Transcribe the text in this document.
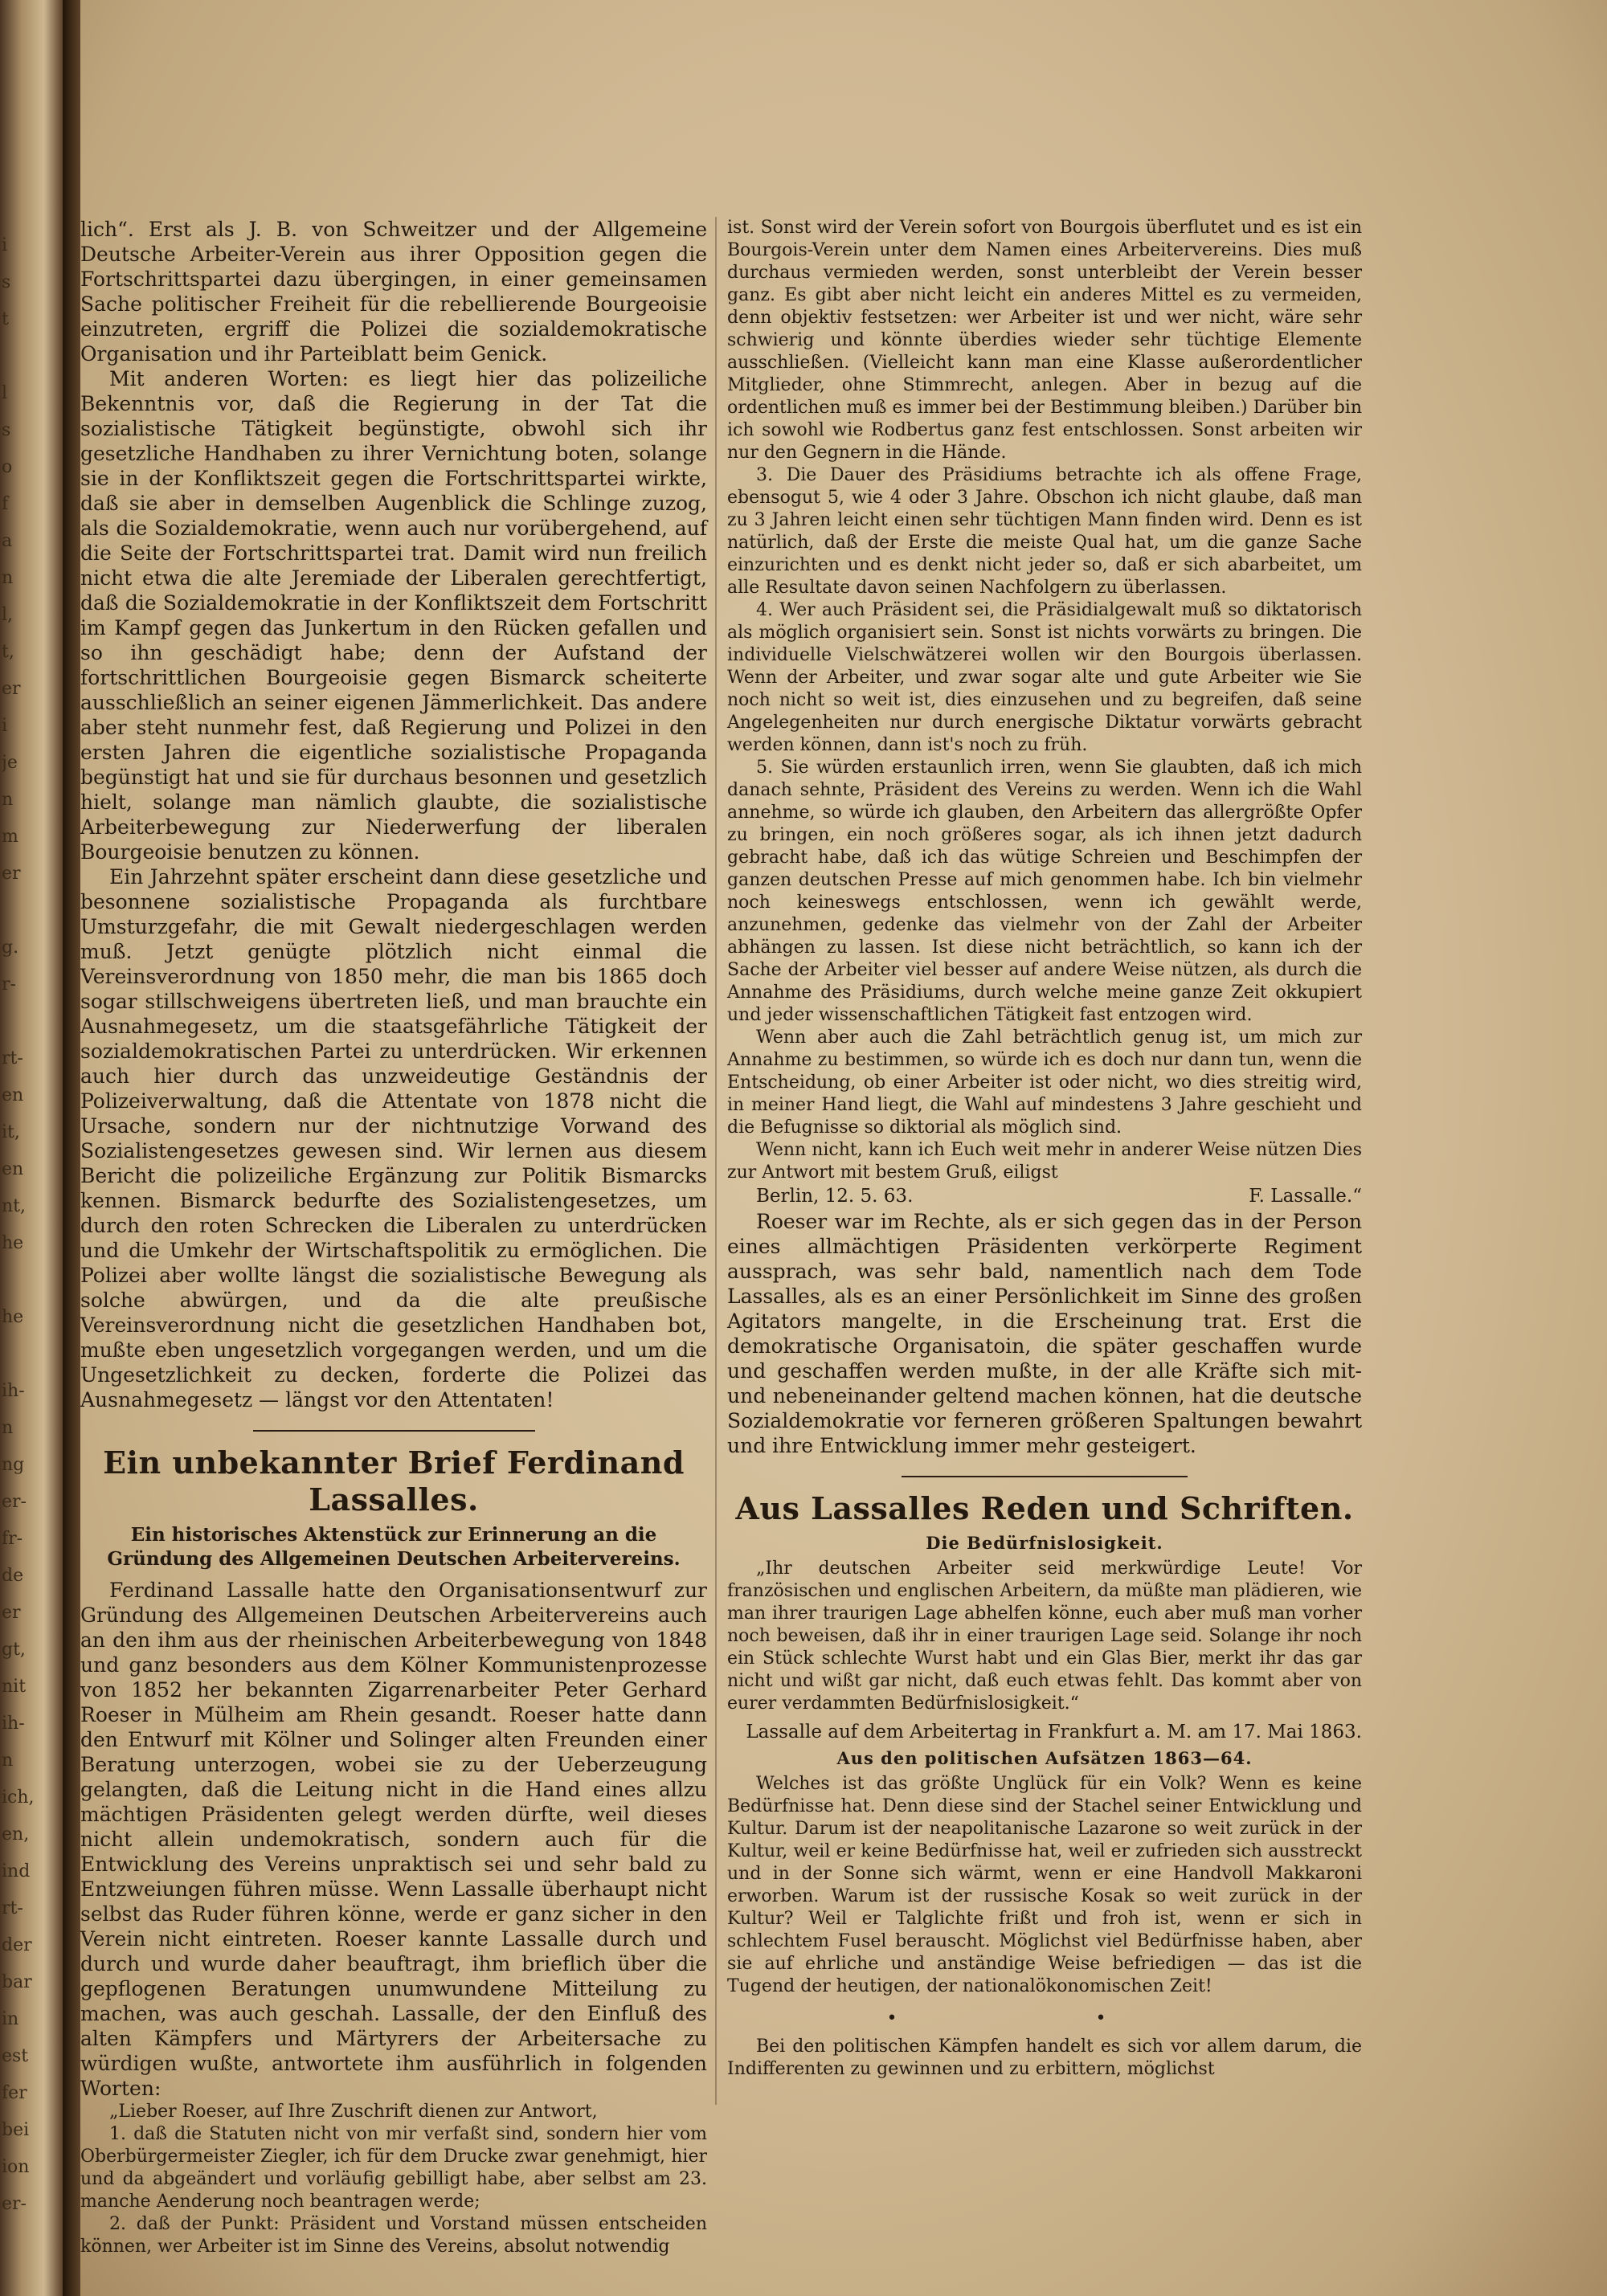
i
s
t
l
s
o
f
a
n
l,
t,
er
i
je
n
m
er
g.
r-
rt-
en
it,
en
nt,
he
he
ih-
n
ng
er-
fr-
de
er
gt,
nit
ih-
n
ich,
en,
ind
rt-
der
bar
in
est
fer
bei
ion
er-

lich“. Erst als J. B. von Schweitzer und der Allgemeine Deutsche Arbeiter-Verein aus ihrer Opposition gegen die Fortschrittspartei dazu übergingen, in einer gemeinsamen Sache politischer Freiheit für die rebellierende Bourgeoisie einzutreten, ergriff die Polizei die sozialdemokratische Organisation und ihr Parteiblatt beim Genick.

Mit anderen Worten: es liegt hier das polizeiliche Bekenntnis vor, daß die Regierung in der Tat die sozialistische Tätigkeit begünstigte, obwohl sich ihr gesetzliche Handhaben zu ihrer Vernichtung boten, solange sie in der Konfliktszeit gegen die Fortschrittspartei wirkte, daß sie aber in demselben Augenblick die Schlinge zuzog, als die Sozialdemokratie, wenn auch nur vorübergehend, auf die Seite der Fortschrittspartei trat. Damit wird nun freilich nicht etwa die alte Jeremiade der Liberalen gerechtfertigt, daß die Sozialdemokratie in der Konfliktszeit dem Fortschritt im Kampf gegen das Junkertum in den Rücken gefallen und so ihn geschädigt habe; denn der Aufstand der fortschrittlichen Bourgeoisie gegen Bismarck scheiterte ausschließlich an seiner eigenen Jämmerlichkeit. Das andere aber steht nunmehr fest, daß Regierung und Polizei in den ersten Jahren die eigentliche sozialistische Propaganda begünstigt hat und sie für durchaus besonnen und gesetzlich hielt, solange man nämlich glaubte, die sozialistische Arbeiterbewegung zur Niederwerfung der liberalen Bourgeoisie benutzen zu können.

Ein Jahrzehnt später erscheint dann diese gesetzliche und besonnene sozialistische Propaganda als furchtbare Umsturzgefahr, die mit Gewalt niedergeschlagen werden muß. Jetzt genügte plötzlich nicht einmal die Vereinsverordnung von 1850 mehr, die man bis 1865 doch sogar stillschweigens übertreten ließ, und man brauchte ein Ausnahmegesetz, um die staatsgefährliche Tätigkeit der sozialdemokratischen Partei zu unterdrücken. Wir erkennen auch hier durch das unzweideutige Geständnis der Polizeiverwaltung, daß die Attentate von 1878 nicht die Ursache, sondern nur der nichtnutzige Vorwand des Sozialistengesetzes gewesen sind. Wir lernen aus diesem Bericht die polizeiliche Ergänzung zur Politik Bismarcks kennen. Bismarck bedurfte des Sozialistengesetzes, um durch den roten Schrecken die Liberalen zu unterdrücken und die Umkehr der Wirtschaftspolitik zu ermöglichen. Die Polizei aber wollte längst die sozialistische Bewegung als solche abwürgen, und da die alte preußische Vereinsverordnung nicht die gesetzlichen Handhaben bot, mußte eben ungesetzlich vorgegangen werden, und um die Ungesetzlichkeit zu decken, forderte die Polizei das Ausnahmegesetz — längst vor den Attentaten!

Ein unbekannter Brief Ferdinand Lassalles.
Ein historisches Aktenstück zur Erinnerung an die Gründung des Allgemeinen Deutschen Arbeitervereins.

Ferdinand Lassalle hatte den Organisationsentwurf zur Gründung des Allgemeinen Deutschen Arbeitervereins auch an den ihm aus der rheinischen Arbeiterbewegung von 1848 und ganz besonders aus dem Kölner Kommunistenprozesse von 1852 her bekannten Zigarrenarbeiter Peter Gerhard Roeser in Mülheim am Rhein gesandt. Roeser hatte dann den Entwurf mit Kölner und Solinger alten Freunden einer Beratung unterzogen, wobei sie zu der Ueberzeugung gelangten, daß die Leitung nicht in die Hand eines allzu mächtigen Präsidenten gelegt werden dürfte, weil dieses nicht allein undemokratisch, sondern auch für die Entwicklung des Vereins unpraktisch sei und sehr bald zu Entzweiungen führen müsse. Wenn Lassalle überhaupt nicht selbst das Ruder führen könne, werde er ganz sicher in den Verein nicht eintreten. Roeser kannte Lassalle durch und durch und wurde daher beauftragt, ihm brieflich über die gepflogenen Beratungen unumwundene Mitteilung zu machen, was auch geschah. Lassalle, der den Einfluß des alten Kämpfers und Märtyrers der Arbeitersache zu würdigen wußte, antwortete ihm ausführlich in folgenden Worten:

„Lieber Roeser, auf Ihre Zuschrift dienen zur Antwort,

1. daß die Statuten nicht von mir verfaßt sind, sondern hier vom Oberbürgermeister Ziegler, ich für dem Drucke zwar genehmigt, hier und da abgeändert und vorläufig gebilligt habe, aber selbst am 23. manche Aenderung noch beantragen werde;

2. daß der Punkt: Präsident und Vorstand müssen entscheiden können, wer Arbeiter ist im Sinne des Vereins, absolut notwendig

ist. Sonst wird der Verein sofort von Bourgois überflutet und es ist ein Bourgois-Verein unter dem Namen eines Arbeitervereins. Dies muß durchaus vermieden werden, sonst unterbleibt der Verein besser ganz. Es gibt aber nicht leicht ein anderes Mittel es zu vermeiden, denn objektiv festsetzen: wer Arbeiter ist und wer nicht, wäre sehr schwierig und könnte überdies wieder sehr tüchtige Elemente ausschließen. (Vielleicht kann man eine Klasse außerordentlicher Mitglieder, ohne Stimmrecht, anlegen. Aber in bezug auf die ordentlichen muß es immer bei der Bestimmung bleiben.) Darüber bin ich sowohl wie Rodbertus ganz fest entschlossen. Sonst arbeiten wir nur den Gegnern in die Hände.

3. Die Dauer des Präsidiums betrachte ich als offene Frage, ebensogut 5, wie 4 oder 3 Jahre. Obschon ich nicht glaube, daß man zu 3 Jahren leicht einen sehr tüchtigen Mann finden wird. Denn es ist natürlich, daß der Erste die meiste Qual hat, um die ganze Sache einzurichten und es denkt nicht jeder so, daß er sich abarbeitet, um alle Resultate davon seinen Nachfolgern zu überlassen.

4. Wer auch Präsident sei, die Präsidialgewalt muß so diktatorisch als möglich organisiert sein. Sonst ist nichts vorwärts zu bringen. Die individuelle Vielschwätzerei wollen wir den Bourgois überlassen. Wenn der Arbeiter, und zwar sogar alte und gute Arbeiter wie Sie noch nicht so weit ist, dies einzusehen und zu begreifen, daß seine Angelegenheiten nur durch energische Diktatur vorwärts gebracht werden können, dann ist's noch zu früh.

5. Sie würden erstaunlich irren, wenn Sie glaubten, daß ich mich danach sehnte, Präsident des Vereins zu werden. Wenn ich die Wahl annehme, so würde ich glauben, den Arbeitern das allergrößte Opfer zu bringen, ein noch größeres sogar, als ich ihnen jetzt dadurch gebracht habe, daß ich das wütige Schreien und Beschimpfen der ganzen deutschen Presse auf mich genommen habe. Ich bin vielmehr noch keineswegs entschlossen, wenn ich gewählt werde, anzunehmen, gedenke das vielmehr von der Zahl der Arbeiter abhängen zu lassen. Ist diese nicht beträchtlich, so kann ich der Sache der Arbeiter viel besser auf andere Weise nützen, als durch die Annahme des Präsidiums, durch welche meine ganze Zeit okkupiert und jeder wissenschaftlichen Tätigkeit fast entzogen wird.

Wenn aber auch die Zahl beträchtlich genug ist, um mich zur Annahme zu bestimmen, so würde ich es doch nur dann tun, wenn die Entscheidung, ob einer Arbeiter ist oder nicht, wo dies streitig wird, in meiner Hand liegt, die Wahl auf mindestens 3 Jahre geschieht und die Befugnisse so diktorial als möglich sind.

Wenn nicht, kann ich Euch weit mehr in anderer Weise nützen Dies zur Antwort mit bestem Gruß, eiligst

Berlin, 12. 5. 63.	F. Lassalle.“

Roeser war im Rechte, als er sich gegen das in der Person eines allmächtigen Präsidenten verkörperte Regiment aussprach, was sehr bald, namentlich nach dem Tode Lassalles, als es an einer Persönlichkeit im Sinne des großen Agitators mangelte, in die Erscheinung trat. Erst die demokratische Organisatoin, die später geschaffen wurde und geschaffen werden mußte, in der alle Kräfte sich mit- und nebeneinander geltend machen können, hat die deutsche Sozialdemokratie vor ferneren größeren Spaltungen bewahrt und ihre Entwicklung immer mehr gesteigert.

Aus Lassalles Reden und Schriften.
Die Bedürfnislosigkeit.

„Ihr deutschen Arbeiter seid merkwürdige Leute! Vor französischen und englischen Arbeitern, da müßte man plädieren, wie man ihrer traurigen Lage abhelfen könne, euch aber muß man vorher noch beweisen, daß ihr in einer traurigen Lage seid. Solange ihr noch ein Stück schlechte Wurst habt und ein Glas Bier, merkt ihr das gar nicht und wißt gar nicht, daß euch etwas fehlt. Das kommt aber von eurer verdammten Bedürfnislosigkeit.“

Lassalle auf dem Arbeitertag in Frankfurt a. M. am 17. Mai 1863.
Aus den politischen Aufsätzen 1863—64.

Welches ist das größte Unglück für ein Volk? Wenn es keine Bedürfnisse hat. Denn diese sind der Stachel seiner Entwicklung und Kultur. Darum ist der neapolitanische Lazarone so weit zurück in der Kultur, weil er keine Bedürfnisse hat, weil er zufrieden sich ausstreckt und in der Sonne sich wärmt, wenn er eine Handvoll Makkaroni erworben. Warum ist der russische Kosak so weit zurück in der Kultur? Weil er Talglichte frißt und froh ist, wenn er sich in schlechtem Fusel berauscht. Möglichst viel Bedürfnisse haben, aber sie auf ehrliche und anständige Weise befriedigen — das ist die Tugend der heutigen, der nationalökonomischen Zeit!

• •

Bei den politischen Kämpfen handelt es sich vor allem darum, die Indifferenten zu gewinnen und zu erbittern, möglichst
